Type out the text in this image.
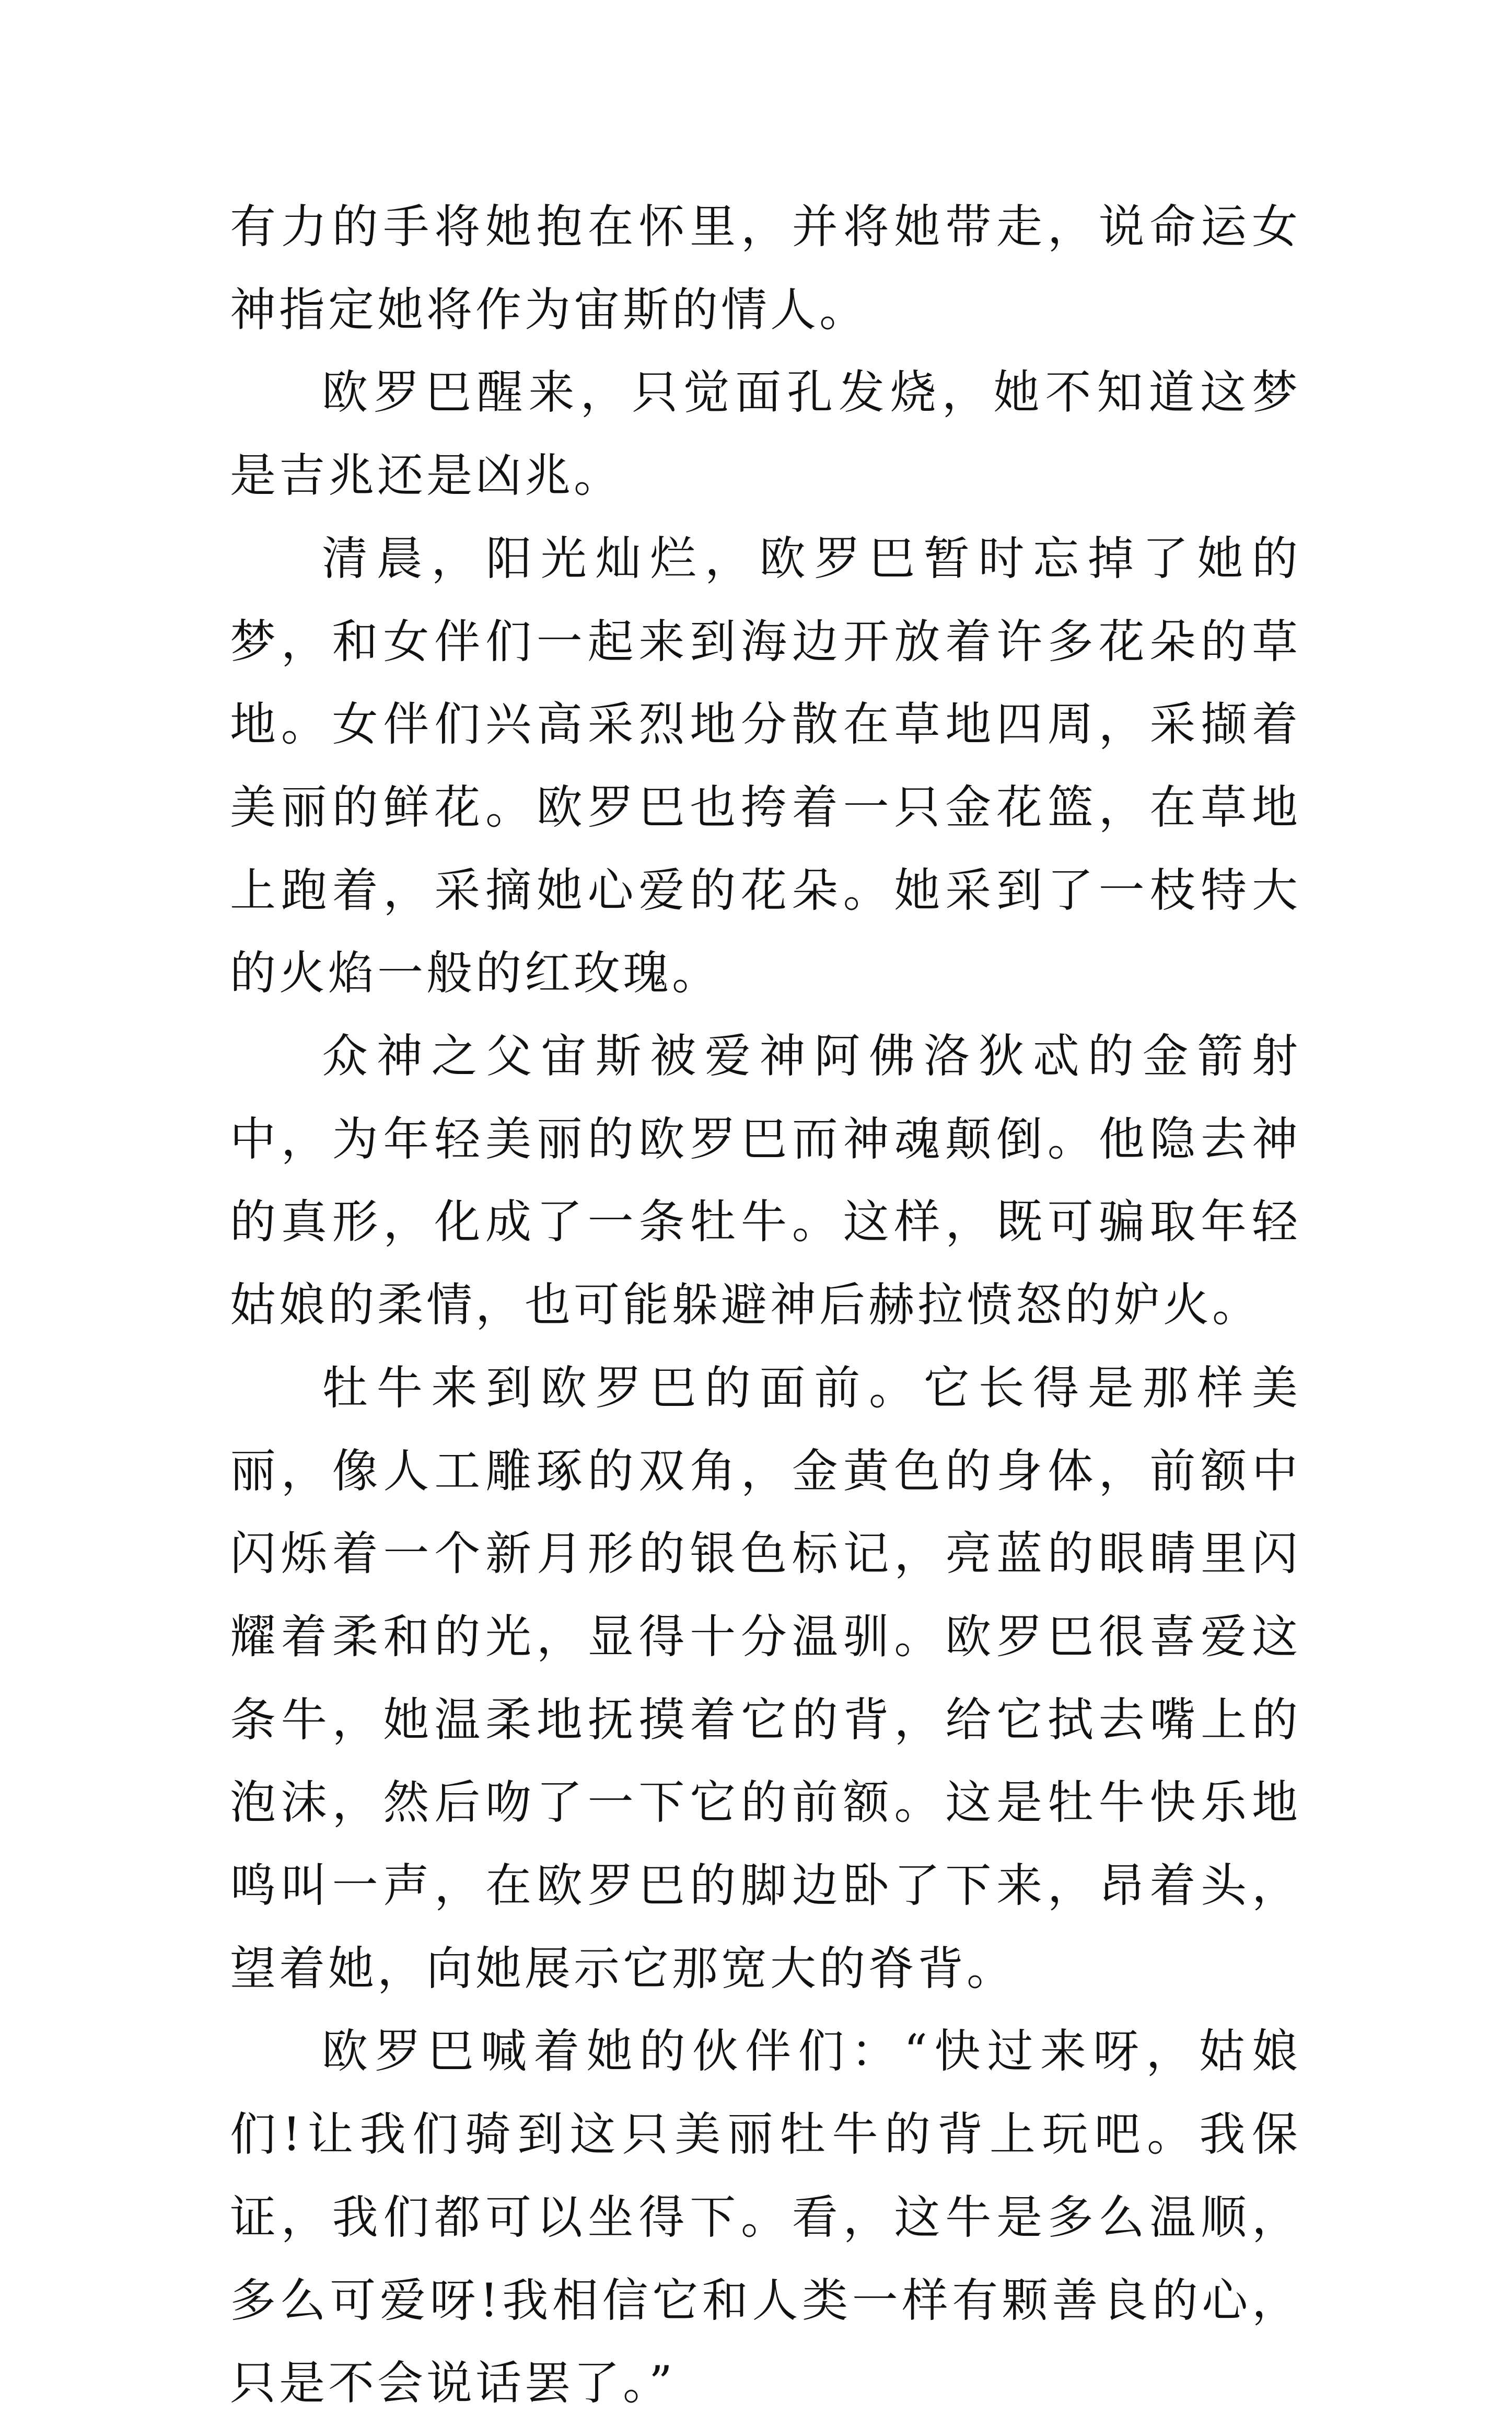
有力的手将她抱在怀里，并将她带走，说命运女神指定她将作为宙斯的情人。

欧罗巴醒来，只觉面孔发烧，她不知道这梦是吉兆还是凶兆。

清晨，阳光灿烂，欧罗巴暂时忘掉了她的梦，和女伴们一起来到海边开放着许多花朵的草地。女伴们兴高采烈地分散在草地四周，采撷着美丽的鲜花。欧罗巴也挎着一只金花篮，在草地上跑着，采摘她心爱的花朵。她采到了一枝特大的火焰一般的红玫瑰。

众神之父宙斯被爱神阿佛洛狄忒的金箭射中，为年轻美丽的欧罗巴而神魂颠倒。他隐去神的真形，化成了一条牡牛。这样，既可骗取年轻姑娘的柔情，也可能躲避神后赫拉愤怒的妒火。

牡牛来到欧罗巴的面前。它长得是那样美丽，像人工雕琢的双角，金黄色的身体，前额中闪烁着一个新月形的银色标记，亮蓝的眼睛里闪耀着柔和的光，显得十分温驯。欧罗巴很喜爱这条牛，她温柔地抚摸着它的背，给它拭去嘴上的泡沫，然后吻了一下它的前额。这是牡牛快乐地鸣叫一声，在欧罗巴的脚边卧了下来，昂着头，望着她，向她展示它那宽大的脊背。

欧罗巴喊着她的伙伴们：“快过来呀，姑娘们!让我们骑到这只美丽牡牛的背上玩吧。我保证，我们都可以坐得下。看，这牛是多么温顺，多么可爱呀!我相信它和人类一样有颗善良的心，只是不会说话罢了。”
